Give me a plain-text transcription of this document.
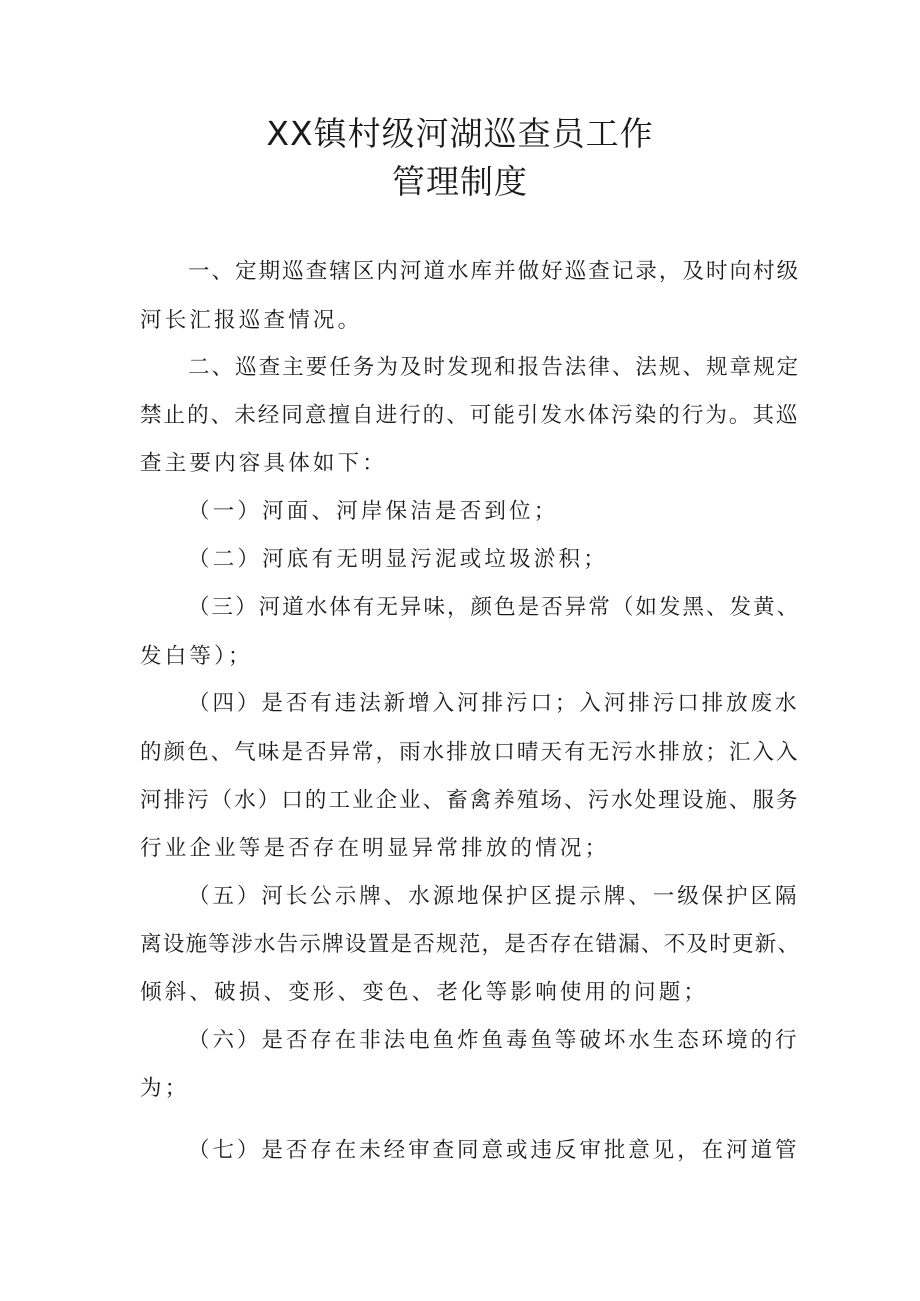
XX镇村级河湖巡查员工作
管理制度
一、定期巡查辖区内河道水库并做好巡查记录，及时向村级
河长汇报巡查情况。
二、巡查主要任务为及时发现和报告法律、法规、规章规定
禁止的、未经同意擅自进行的、可能引发水体污染的行为。其巡
查主要内容具体如下：
（一）河面、河岸保洁是否到位；
（二）河底有无明显污泥或垃圾淤积；
（三）河道水体有无异味，颜色是否异常（如发黑、发黄、
发白等）；
（四）是否有违法新增入河排污口；入河排污口排放废水
的颜色、气味是否异常，雨水排放口晴天有无污水排放；汇入入
河排污（水）口的工业企业、畜禽养殖场、污水处理设施、服务
行业企业等是否存在明显异常排放的情况；
（五）河长公示牌、水源地保护区提示牌、一级保护区隔
离设施等涉水告示牌设置是否规范，是否存在错漏、不及时更新、
倾斜、破损、变形、变色、老化等影响使用的问题；
（六）是否存在非法电鱼炸鱼毒鱼等破坏水生态环境的行
为；
（七）是否存在未经审查同意或违反审批意见，在河道管
